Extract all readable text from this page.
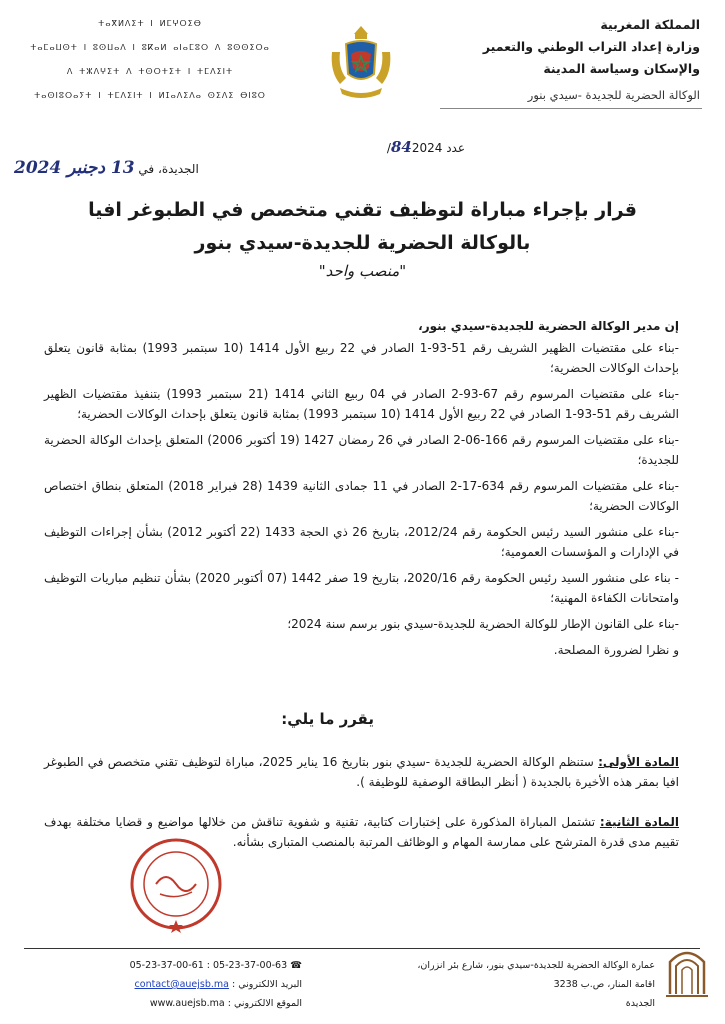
المملكة المغربية
وزارة إعداد التراب الوطني والتعمير
والإسكان وسياسة المدينة
الوكالة الحضرية للجديدة -سيدي بنور
ⵜⴰⴳⵍⴷⵉⵜ ⵏ ⵍⵎⵖⵔⵉⴱ
ⵜⴰⵎⴰⵡⵙⵜ ⵏ ⵓⵙⵡⴰⴷ ⵏ ⵓⴽⴰⵍ ⴰⵏⴰⵎⵓⵔ ⴷ ⵓⵙⵙⵉⵔⴰ
ⴷ ⵜⵣⴷⵖⵉⵜ ⴷ ⵜⵙⵔⵜⵉⵜ ⵏ ⵜⵎⴷⵉⵏⵜ
ⵜⴰⵙⵏⵓⵔⴰⵢⵜ ⵏ ⵜⵎⴷⵉⵏⵜ ⵏ ⵍⵊⴰⴷⵉⴷⴰ ⵙⵉⴷⵉ ⴱⵏⵓⵔ
عدد 842024/
الجديدة، في 13 دجنبر 2024
قرار بإجراء مباراة لتوظيف تقني متخصص في الطبوغر افيا
بالوكالة الحضرية للجديدة-سيدي بنور
"منصب واحد"

إن مدير الوكالة الحضرية للجديدة-سيدي بنور،

-بناء على مقتضيات الظهير الشريف رقم 51-93-1 الصادر في 22 ربيع الأول 1414 (10 سبتمبر 1993) بمثابة قانون يتعلق بإحداث الوكالات الحضرية؛

-بناء على مقتضيات المرسوم رقم 67-93-2 الصادر في 04 ربيع الثاني 1414 (21 سبتمبر 1993) بتنفيذ مقتضيات الظهير الشريف رقم 51-93-1 الصادر في 22 ربيع الأول 1414 (10 سبتمبر 1993) بمثابة قانون يتعلق بإحداث الوكالات الحضرية؛

-بناء على مقتضيات المرسوم رقم 166-06-2 الصادر في 26 رمضان 1427 (19 أكتوبر 2006) المتعلق بإحداث الوكالة الحضرية للجديدة؛

-بناء على مقتضيات المرسوم رقم 634-17-2 الصادر في 11 جمادى الثانية 1439 (28 فبراير 2018) المتعلق بنطاق اختصاص الوكالات الحضرية؛

-بناء على منشور السيد رئيس الحكومة رقم 2012/24، بتاريخ 26 ذي الحجة 1433 (22 أكتوبر 2012) بشأن إجراءات التوظيف في الإدارات و المؤسسات العمومية؛

- بناء على منشور السيد رئيس الحكومة رقم 2020/16، بتاريخ 19 صفر 1442 (07 أكتوبر 2020) بشأن تنظيم مباريات التوظيف وامتحانات الكفاءة المهنية؛

-بناء على القانون الإطار للوكالة الحضرية للجديدة-سيدي بنور برسم سنة 2024؛

و نظرا لضرورة المصلحة.

يقرر ما يلي:
المادة الأولى: ستنظم الوكالة الحضرية للجديدة -سيدي بنور بتاريخ 16 يناير 2025، مباراة لتوظيف تقني متخصص في الطبوغر افيا بمقر هذه الأخيرة بالجديدة ( أنظر البطاقة الوصفية للوظيفة ).
المادة الثانية: تشتمل المباراة المذكورة على إختبارات كتابية، تقنية و شفوية تناقش من خلالها مواضيع و قضايا مختلفة بهدف تقييم مدى قدرة المترشح على ممارسة المهام و الوظائف المرتبة بالمنصب المتبارى بشأنه.
☎ 05-23-37-00-63 : 05-23-37-00-61
البريد الالكتروني : contact@auejsb.ma
الموقع الالكتروني : www.auejsb.ma
عمارة الوكالة الحضرية للجديدة-سيدي بنور، شارع بئر انزران،
اقامة المنار، ص.ب 3238
الجديدة
